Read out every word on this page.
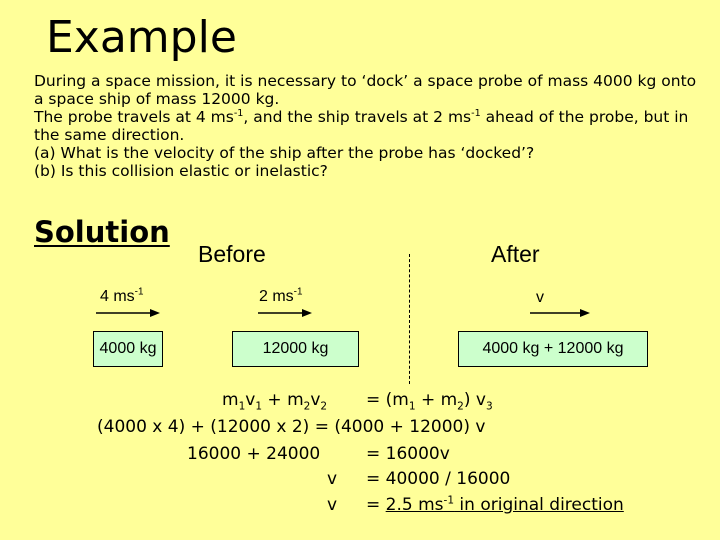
Example

During a space mission, it is necessary to ‘dock’ a space probe of mass 4000 kg onto a space ship of mass 12000 kg.

The probe travels at 4 $ms^{-1}$, and the ship travels at 2 $ms^{-1}$ ahead of the probe, but in the same direction.

(a) What is the velocity of the ship after the probe has ‘docked’?

(b) Is this collision elastic or inelastic?

Solution
Before	After
4 $ms^{-1}$	2 $ms^{-1}$	v
4000 kg	12000 kg	4000 kg + 12000 kg
$m_1v_1 + m_2v_2 = (m_1 + m_2)$ $v_3$
(4000 x 4) + (12000 x 2) = (4000 + 12000) v
16000 + 24000	= 16000v
v = 40000 / 16000
v = 2.5 $ms^{-1}$ in original direction
